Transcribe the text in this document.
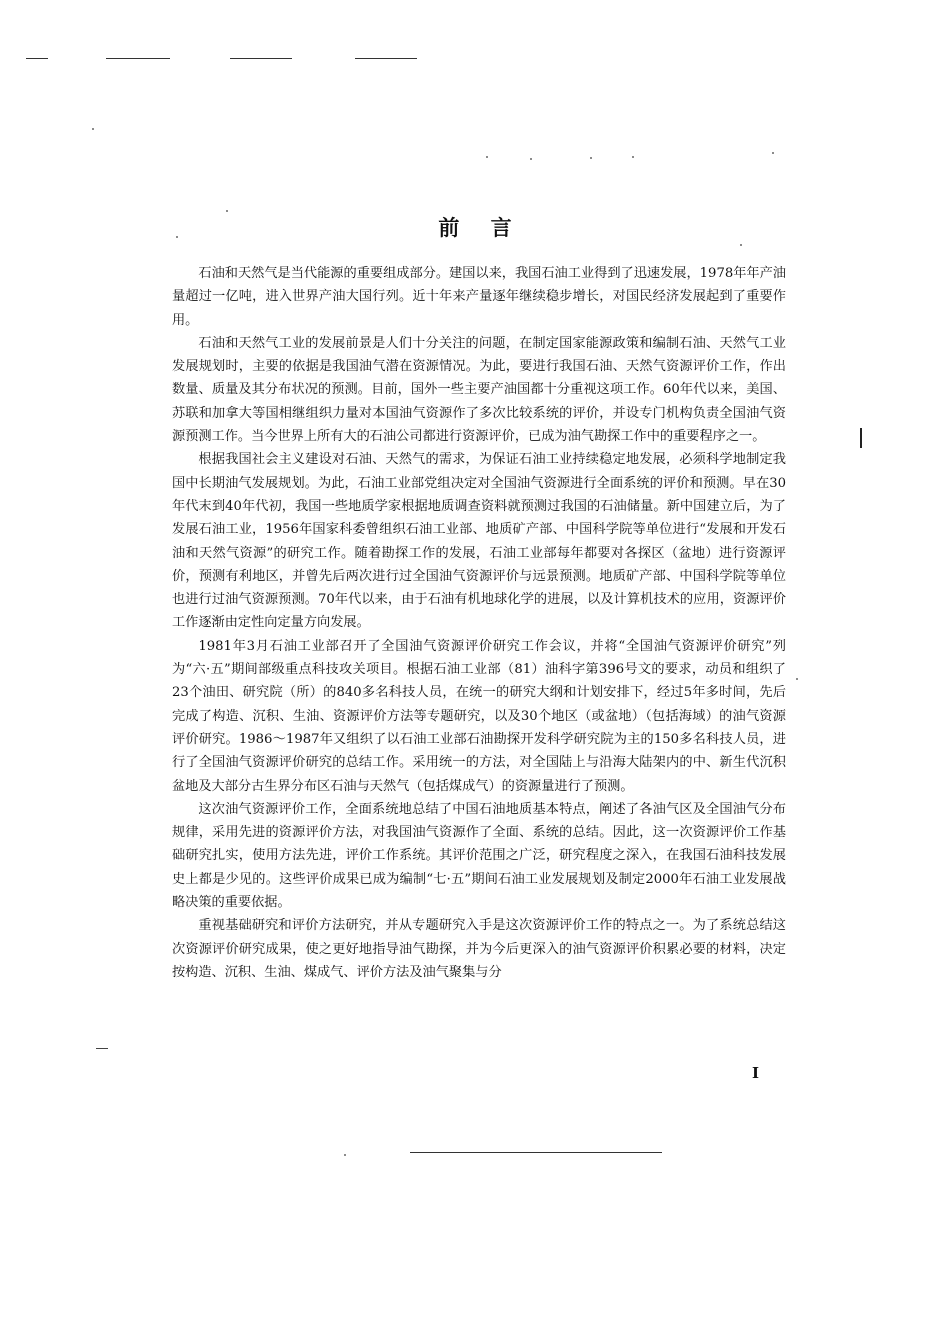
前 言

石油和天然气是当代能源的重要组成部分。建国以来，我国石油工业得到了迅速发展，1978年年产油量超过一亿吨，进入世界产油大国行列。近十年来产量逐年继续稳步增长，对国民经济发展起到了重要作用。

石油和天然气工业的发展前景是人们十分关注的问题，在制定国家能源政策和编制石油、天然气工业发展规划时，主要的依据是我国油气潜在资源情况。为此，要进行我国石油、天然气资源评价工作，作出数量、质量及其分布状况的预测。目前，国外一些主要产油国都十分重视这项工作。60年代以来，美国、苏联和加拿大等国相继组织力量对本国油气资源作了多次比较系统的评价，并设专门机构负责全国油气资源预测工作。当今世界上所有大的石油公司都进行资源评价，已成为油气勘探工作中的重要程序之一。

根据我国社会主义建设对石油、天然气的需求，为保证石油工业持续稳定地发展，必须科学地制定我国中长期油气发展规划。为此，石油工业部党组决定对全国油气资源进行全面系统的评价和预测。早在30年代末到40年代初，我国一些地质学家根据地质调查资料就预测过我国的石油储量。新中国建立后，为了发展石油工业，1956年国家科委曾组织石油工业部、地质矿产部、中国科学院等单位进行“发展和开发石油和天然气资源”的研究工作。随着勘探工作的发展，石油工业部每年都要对各探区（盆地）进行资源评价，预测有利地区，并曾先后两次进行过全国油气资源评价与远景预测。地质矿产部、中国科学院等单位也进行过油气资源预测。70年代以来，由于石油有机地球化学的进展，以及计算机技术的应用，资源评价工作逐渐由定性向定量方向发展。

1981年3月石油工业部召开了全国油气资源评价研究工作会议，并将“全国油气资源评价研究”列为“六·五”期间部级重点科技攻关项目。根据石油工业部（81）油科字第396号文的要求，动员和组织了23个油田、研究院（所）的840多名科技人员，在统一的研究大纲和计划安排下，经过5年多时间，先后完成了构造、沉积、生油、资源评价方法等专题研究，以及30个地区（或盆地）（包括海域）的油气资源评价研究。1986～1987年又组织了以石油工业部石油勘探开发科学研究院为主的150多名科技人员，进行了全国油气资源评价研究的总结工作。采用统一的方法，对全国陆上与沿海大陆架内的中、新生代沉积盆地及大部分古生界分布区石油与天然气（包括煤成气）的资源量进行了预测。

这次油气资源评价工作，全面系统地总结了中国石油地质基本特点，阐述了各油气区及全国油气分布规律，采用先进的资源评价方法，对我国油气资源作了全面、系统的总结。因此，这一次资源评价工作基础研究扎实，使用方法先进，评价工作系统。其评价范围之广泛，研究程度之深入，在我国石油科技发展史上都是少见的。这些评价成果已成为编制“七·五”期间石油工业发展规划及制定2000年石油工业发展战略决策的重要依据。

重视基础研究和评价方法研究，并从专题研究入手是这次资源评价工作的特点之一。为了系统总结这次资源评价研究成果，使之更好地指导油气勘探，并为今后更深入的油气资源评价积累必要的材料，决定按构造、沉积、生油、煤成气、评价方法及油气聚集与分

I
